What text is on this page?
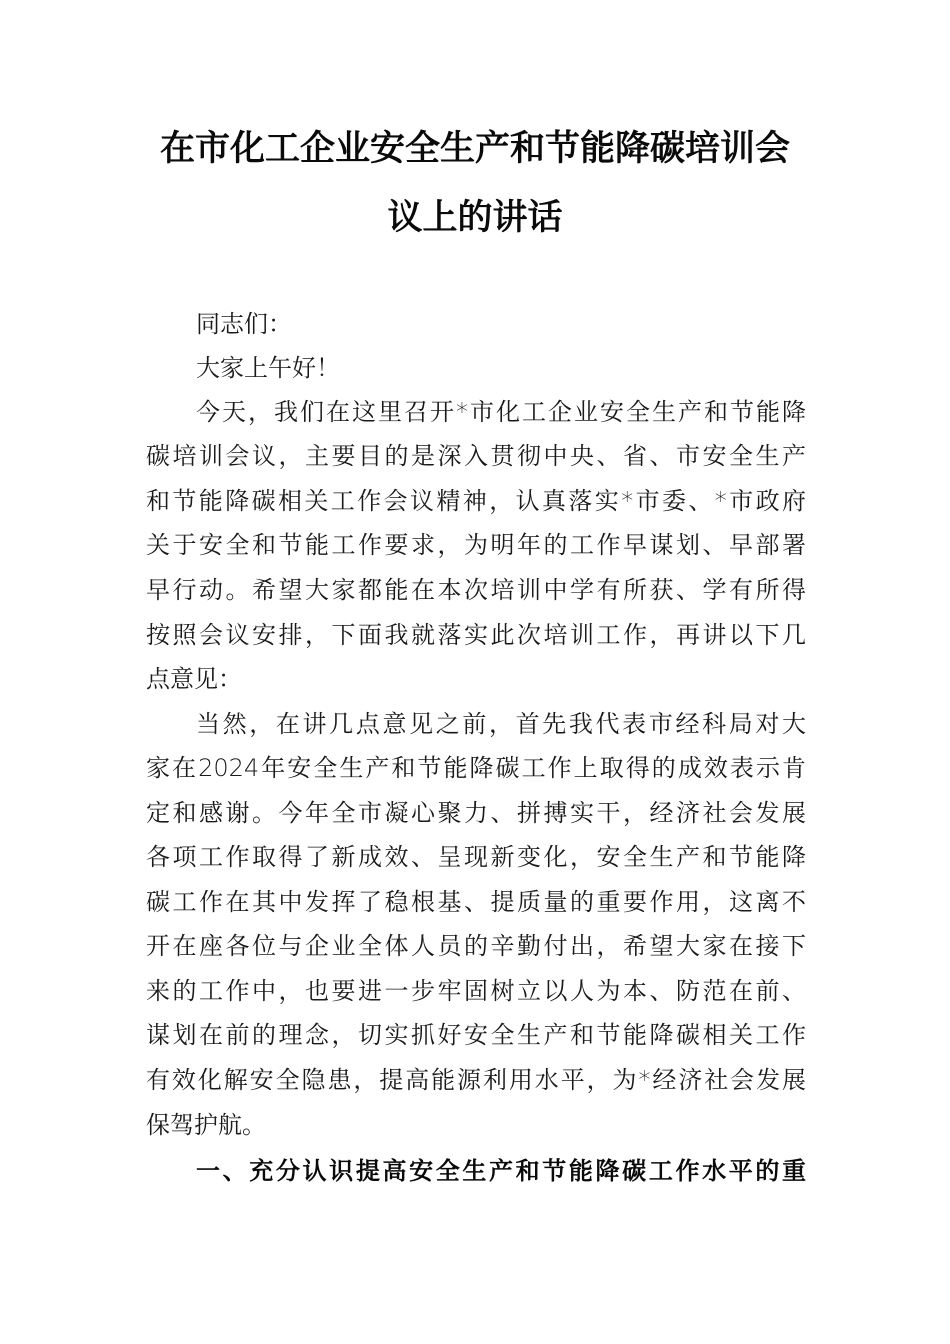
在市化工企业安全生产和节能降碳培训会
议上的讲话
同志们：
大家上午好！
今天，我们在这里召开*市化工企业安全生产和节能降
碳培训会议，主要目的是深入贯彻中央、省、市安全生产
和节能降碳相关工作会议精神，认真落实*市委、*市政府
关于安全和节能工作要求，为明年的工作早谋划、早部署
早行动。希望大家都能在本次培训中学有所获、学有所得
按照会议安排，下面我就落实此次培训工作，再讲以下几
点意见：
当然，在讲几点意见之前，首先我代表市经科局对大
家在2024年安全生产和节能降碳工作上取得的成效表示肯
定和感谢。今年全市凝心聚力、拼搏实干，经济社会发展
各项工作取得了新成效、呈现新变化，安全生产和节能降
碳工作在其中发挥了稳根基、提质量的重要作用，这离不
开在座各位与企业全体人员的辛勤付出，希望大家在接下
来的工作中，也要进一步牢固树立以人为本、防范在前、
谋划在前的理念，切实抓好安全生产和节能降碳相关工作
有效化解安全隐患，提高能源利用水平，为*经济社会发展
保驾护航。
一、充分认识提高安全生产和节能降碳工作水平的重
